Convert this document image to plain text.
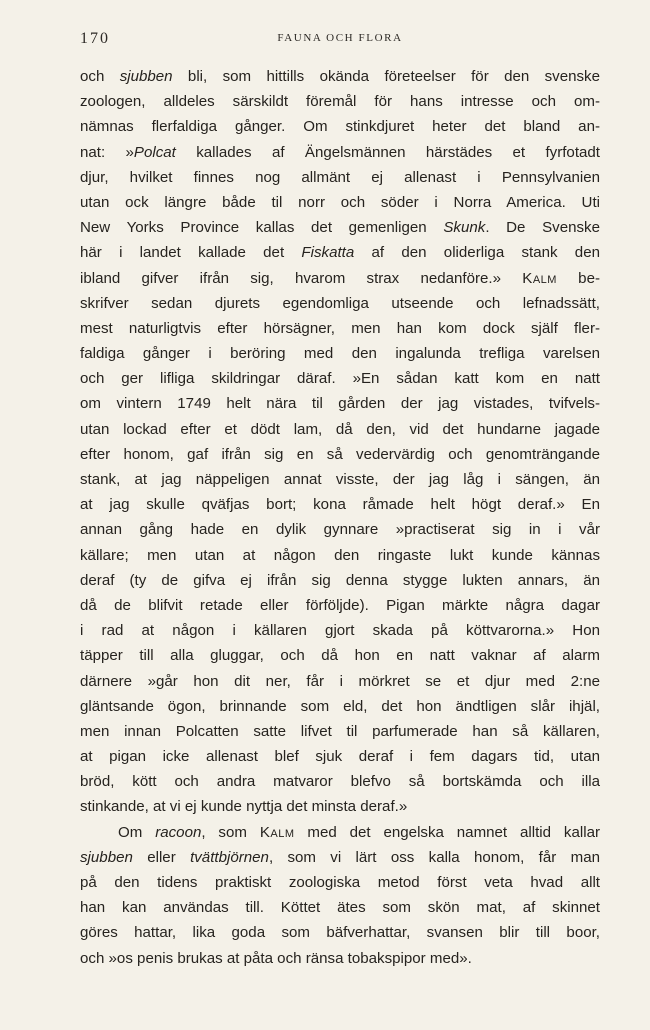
170	FAUNA OCH FLORA
och sjubben bli, som hittills okända företeelser för den svenske
zoologen, alldeles särskildt föremål för hans intresse och om-
nämnas flerfaldiga gånger. Om stinkdjuret heter det bland an-
nat: »Polcat kallades af Ängelsmännen härstädes et fyrfotadt
djur, hvilket finnes nog allmänt ej allenast i Pennsylvanien
utan ock längre både til norr och söder i Norra America. Uti
New Yorks Province kallas det gemenligen Skunk. De Svenske
här i landet kallade det Fiskatta af den oliderliga stank den
ibland gifver ifrån sig, hvarom strax nedanföre.» Kalm be-
skrifver sedan djurets egendomliga utseende och lefnadssätt,
mest naturligtvis efter hörsägner, men han kom dock själf fler-
faldiga gånger i beröring med den ingalunda trefliga varelsen
och ger lifliga skildringar däraf. »En sådan katt kom en natt
om vintern 1749 helt nära til gården der jag vistades, tvifvels-
utan lockad efter et dödt lam, då den, vid det hundarne jagade
efter honom, gaf ifrån sig en så vedervärdig och genomträngande
stank, at jag näppeligen annat visste, der jag låg i sängen, än
at jag skulle qväfjas bort; kona råmade helt högt deraf.» En
annan gång hade en dylik gynnare »practiserat sig in i vår
källare; men utan at någon den ringaste lukt kunde kännas
deraf (ty de gifva ej ifrån sig denna stygge lukten annars, än
då de blifvit retade eller förföljde). Pigan märkte några dagar
i rad at någon i källaren gjort skada på köttvarorna.» Hon
täpper till alla gluggar, och då hon en natt vaknar af alarm
därnere »går hon dit ner, får i mörkret se et djur med 2:ne
gläntsande ögon, brinnande som eld, det hon ändtligen slår ihjäl,
men innan Polcatten satte lifvet til parfumerade han så källaren,
at pigan icke allenast blef sjuk deraf i fem dagars tid, utan
bröd, kött och andra matvaror blefvo så bortskämda och illa
stinkande, at vi ej kunde nyttja det minsta deraf.»
Om racoon, som Kalm med det engelska namnet alltid kallar
sjubben eller tvättbjörnen, som vi lärt oss kalla honom, får man
på den tidens praktiskt zoologiska metod först veta hvad allt
han kan användas till. Köttet ätes som skön mat, af skinnet
göres hattar, lika goda som bäfverhattar, svansen blir till boor,
och »os penis brukas at påta och ränsa tobakspipor med».
